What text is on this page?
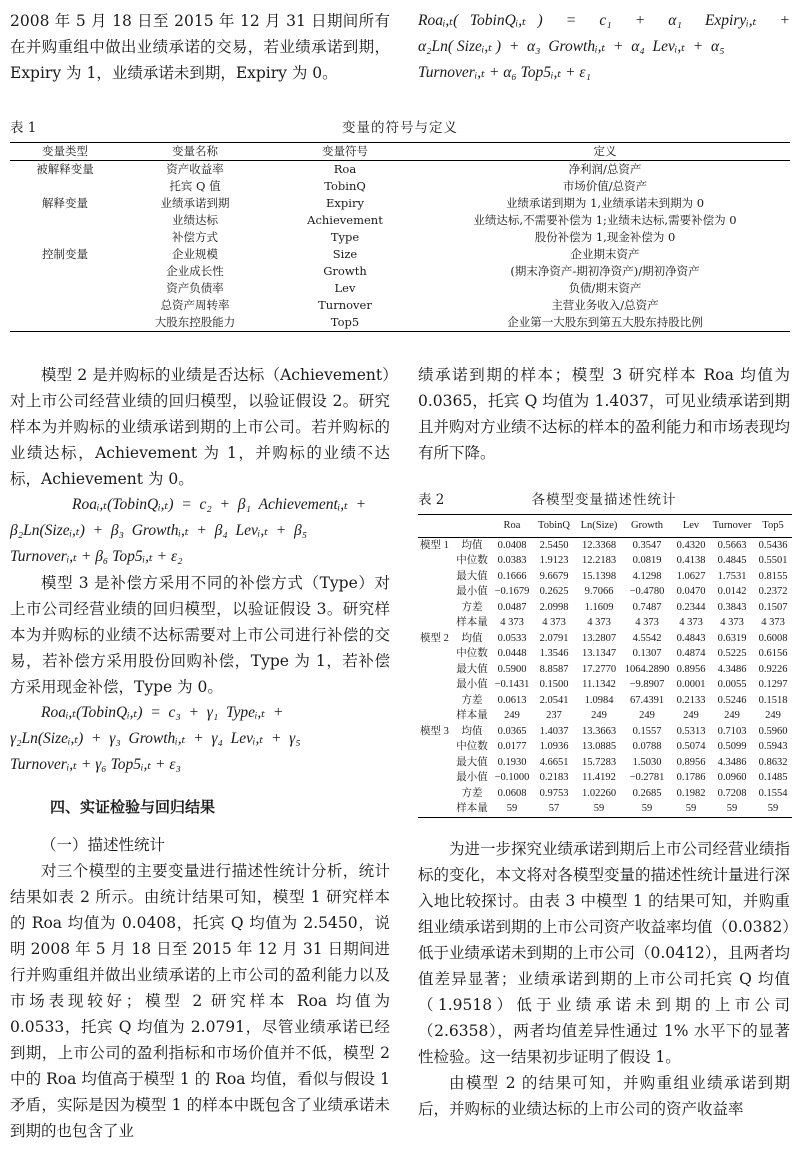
2008 年 5 月 18 日至 2015 年 12 月 31 日期间所有在并购重组中做出业绩承诺的交易，若业绩承诺到期，Expiry 为 1，业绩承诺未到期，Expiry 为 0。

Roaᵢ,ₜ( TobinQᵢ,ₜ )  =  c₁  +  α₁  Expiryᵢ,ₜ  +
α₂Ln( Sizeᵢ,ₜ )  +  α₃  Growthᵢ,ₜ  +  α₄  Levᵢ,ₜ  +  α₅
Turnoverᵢ,ₜ + α₆ Top5ᵢ,ₜ + ε₁
表 1	变量的符号与定义
变量类型	变量名称	变量符号	定义
被解释变量	资产收益率	Roa	净利润/总资产
	托宾 Q 值	TobinQ	市场价值/总资产
解释变量	业绩承诺到期	Expiry	业绩承诺到期为 1,业绩承诺未到期为 0
	业绩达标	Achievement	业绩达标,不需要补偿为 1;业绩未达标,需要补偿为 0
	补偿方式	Type	股份补偿为 1,现金补偿为 0
控制变量	企业规模	Size	企业期末资产
	企业成长性	Growth	(期末净资产-期初净资产)/期初净资产
	资产负债率	Lev	负债/期末资产
	总资产周转率	Turnover	主营业务收入/总资产
	大股东控股能力	Top5	企业第一大股东到第五大股东持股比例

模型 2 是并购标的业绩是否达标（Achievement）对上市公司经营业绩的回归模型，以验证假设 2。研究样本为并购标的业绩承诺到期的上市公司。若并购标的业绩达标，Achievement 为 1，并购标的业绩不达标，Achievement 为 0。

Roaᵢ,ₜ(TobinQᵢ,ₜ)  =  c₂  +  β₁  Achievementᵢ,ₜ  +
β₂Ln(Sizeᵢ,ₜ)  +  β₃  Growthᵢ,ₜ  +  β₄  Levᵢ,ₜ  +  β₅
Turnoverᵢ,ₜ + β₆ Top5ᵢ,ₜ + ε₂

模型 3 是补偿方采用不同的补偿方式（Type）对上市公司经营业绩的回归模型，以验证假设 3。研究样本为并购标的业绩不达标需要对上市公司进行补偿的交易，若补偿方采用股份回购补偿，Type 为 1，若补偿方采用现金补偿，Type 为 0。

Roaᵢ,ₜ(TobinQᵢ,ₜ)  =  c₃  +  γ₁  Typeᵢ,ₜ  +
γ₂Ln(Sizeᵢ,ₜ)  +  γ₃  Growthᵢ,ₜ  +  γ₄  Levᵢ,ₜ  +  γ₅
Turnoverᵢ,ₜ + γ₆ Top5ᵢ,ₜ + ε₃
四、实证检验与回归结果
（一）描述性统计

对三个模型的主要变量进行描述性统计分析，统计结果如表 2 所示。由统计结果可知，模型 1 研究样本的 Roa 均值为 0.0408，托宾 Q 均值为 2.5450，说明 2008 年 5 月 18 日至 2015 年 12 月 31 日期间进行并购重组并做出业绩承诺的上市公司的盈利能力以及市场表现较好；模型 2 研究样本 Roa 均值为 0.0533，托宾 Q 均值为 2.0791，尽管业绩承诺已经到期，上市公司的盈利指标和市场价值并不低，模型 2 中的 Roa 均值高于模型 1 的 Roa 均值，看似与假设 1 矛盾，实际是因为模型 1 的样本中既包含了业绩承诺未到期的也包含了业

绩承诺到期的样本；模型 3 研究样本 Roa 均值为 0.0365，托宾 Q 均值为 1.4037，可见业绩承诺到期且并购对方业绩不达标的样本的盈利能力和市场表现均有所下降。

表 2	各模型变量描述性统计
		Roa	TobinQ	Ln(Size)	Growth	Lev	Turnover	Top5
模型 1	均值	0.0408	2.5450	12.3368	0.3547	0.4320	0.5663	0.5436
	中位数	0.0383	1.9123	12.2183	0.0819	0.4138	0.4845	0.5501
	最大值	0.1666	9.6679	15.1398	4.1298	1.0627	1.7531	0.8155
	最小值	−0.1679	0.2625	9.7066	−0.4780	0.0470	0.0142	0.2372
	方差	0.0487	2.0998	1.1609	0.7487	0.2344	0.3843	0.1507
	样本量	4 373	4 373	4 373	4 373	4 373	4 373	4 373
模型 2	均值	0.0533	2.0791	13.2807	4.5542	0.4843	0.6319	0.6008
	中位数	0.0448	1.3546	13.1347	0.1307	0.4874	0.5225	0.6156
	最大值	0.5900	8.8587	17.2770	1064.2890	0.8956	4.3486	0.9226
	最小值	−0.1431	0.1500	11.1342	−9.8907	0.0001	0.0055	0.1297
	方差	0.0613	2.0541	1.0984	67.4391	0.2133	0.5246	0.1518
	样本量	249	237	249	249	249	249	249
模型 3	均值	0.0365	1.4037	13.3663	0.1557	0.5313	0.7103	0.5960
	中位数	0.0177	1.0936	13.0885	0.0788	0.5074	0.5099	0.5943
	最大值	0.1930	4.6651	15.7283	1.5030	0.8956	4.3486	0.8632
	最小值	−0.1000	0.2183	11.4192	−0.2781	0.1786	0.0960	0.1485
	方差	0.0608	0.9753	1.02260	0.2685	0.1982	0.7208	0.1554
	样本量	59	57	59	59	59	59	59

为进一步探究业绩承诺到期后上市公司经营业绩指标的变化，本文将对各模型变量的描述性统计量进行深入地比较探讨。由表 3 中模型 1 的结果可知，并购重组业绩承诺到期的上市公司资产收益率均值（0.0382）低于业绩承诺未到期的上市公司（0.0412），且两者均值差异显著；业绩承诺到期的上市公司托宾 Q 均值（1.9518）低于业绩承诺未到期的上市公司（2.6358），两者均值差异性通过 1% 水平下的显著性检验。这一结果初步证明了假设 1。

由模型 2 的结果可知，并购重组业绩承诺到期后，并购标的业绩达标的上市公司的资产收益率
